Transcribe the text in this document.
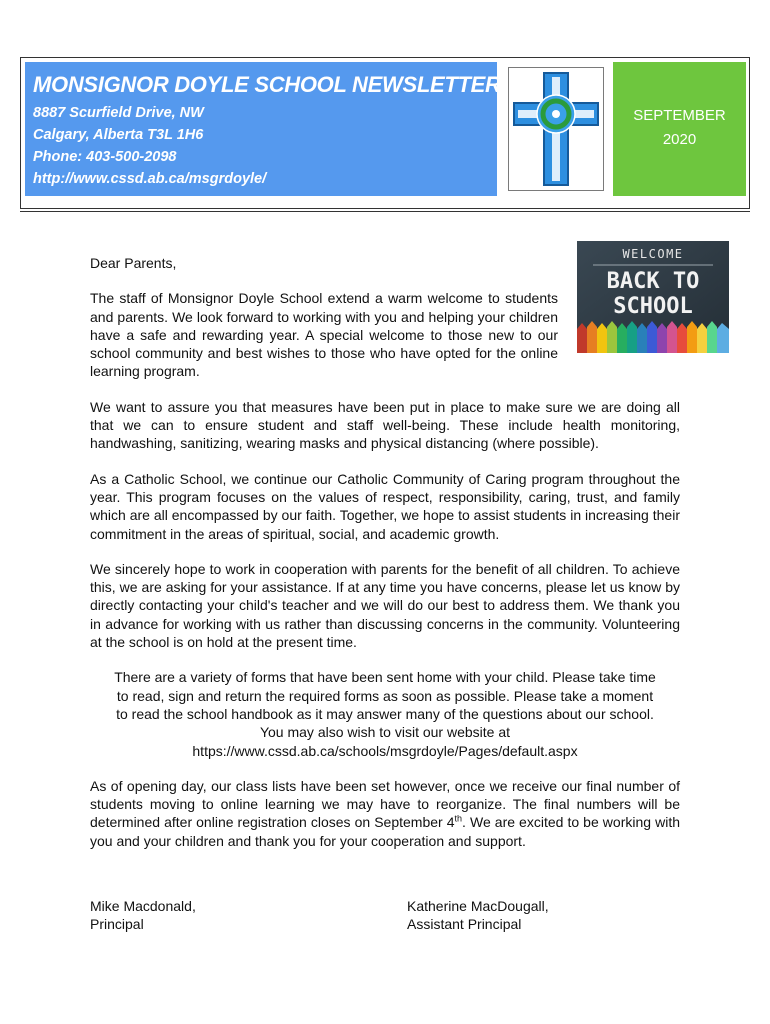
MONSIGNOR DOYLE SCHOOL NEWSLETTER
8887 Scurfield Drive, NW
Calgary, Alberta T3L 1H6
Phone: 403-500-2098
http://www.cssd.ab.ca/msgrdoyle/
SEPTEMBER
2020
WELCOME
BACK TO
SCHOOL

Dear Parents,

The staff of Monsignor Doyle School extend a warm welcome to students and parents. We look forward to working with you and helping your children have a safe and rewarding year. A special welcome to those new to our school community and best wishes to those who have opted for the online learning program.

We want to assure you that measures have been put in place to make sure we are doing all that we can to ensure student and staff well-being. These include health monitoring, handwashing, sanitizing, wearing masks and physical distancing (where possible).

As a Catholic School, we continue our Catholic Community of Caring program throughout the year. This program focuses on the values of respect, responsibility, caring, trust, and family which are all encompassed by our faith. Together, we hope to assist students in increasing their commitment in the areas of spiritual, social, and academic growth.

We sincerely hope to work in cooperation with parents for the benefit of all children. To achieve this, we are asking for your assistance. If at any time you have concerns, please let us know by directly contacting your child's teacher and we will do our best to address them. We thank you in advance for working with us rather than discussing concerns in the community. Volunteering at the school is on hold at the present time.

There are a variety of forms that have been sent home with your child. Please take time
to read, sign and return the required forms as soon as possible. Please take a moment
to read the school handbook as it may answer many of the questions about our school.
You may also wish to visit our website at
https://www.cssd.ab.ca/schools/msgrdoyle/Pages/default.aspx

As of opening day, our class lists have been set however, once we receive our final number of students moving to online learning we may have to reorganize. The final numbers will be determined after online registration closes on September 4th. We are excited to be working with you and your children and thank you for your cooperation and support.

Mike Macdonald,
Principal
Katherine MacDougall,
Assistant Principal
